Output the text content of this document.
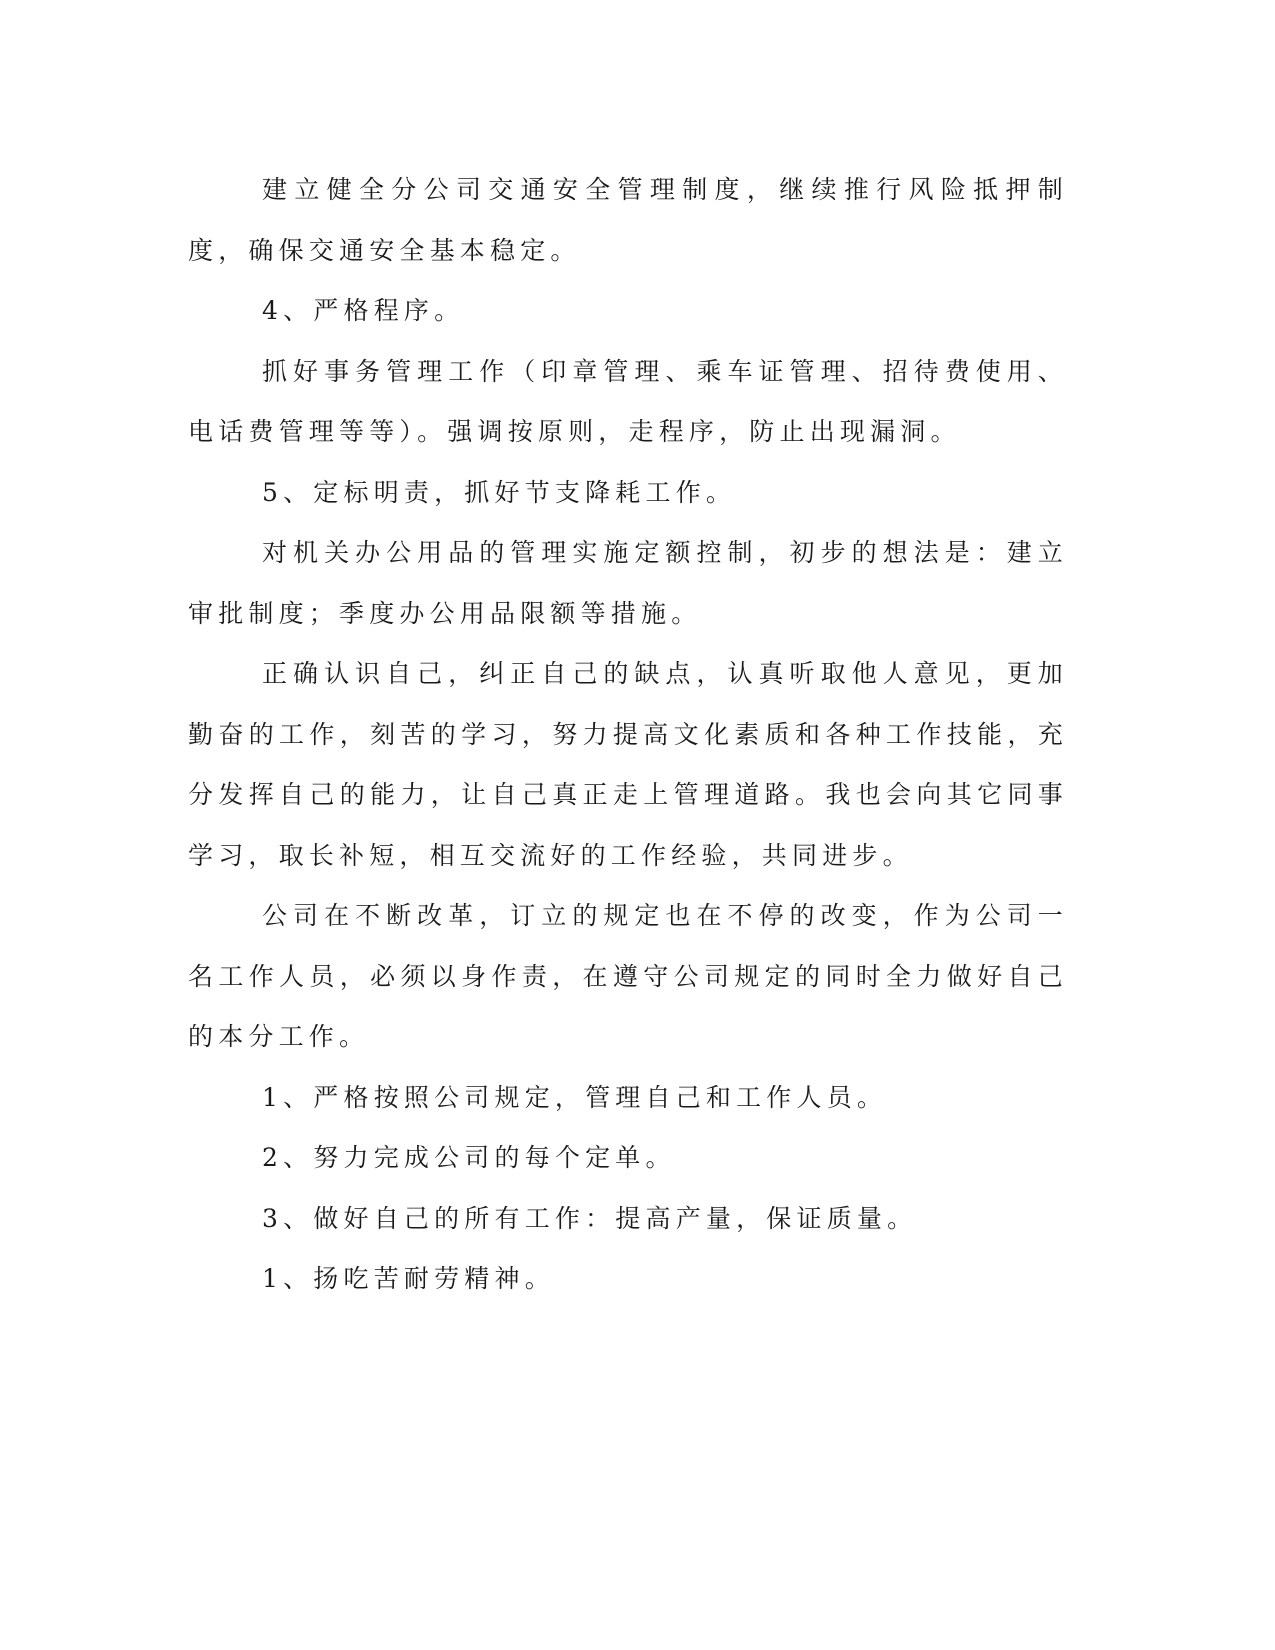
建立健全分公司交通安全管理制度，继续推行风险抵押制度，确保交通安全基本稳定。

4、严格程序。

抓好事务管理工作（印章管理、乘车证管理、招待费使用、电话费管理等等）。强调按原则，走程序，防止出现漏洞。

5、定标明责，抓好节支降耗工作。

对机关办公用品的管理实施定额控制，初步的想法是：建立审批制度；季度办公用品限额等措施。

正确认识自己，纠正自己的缺点，认真听取他人意见，更加勤奋的工作，刻苦的学习，努力提高文化素质和各种工作技能，充分发挥自己的能力，让自己真正走上管理道路。我也会向其它同事学习，取长补短，相互交流好的工作经验，共同进步。

公司在不断改革，订立的规定也在不停的改变，作为公司一名工作人员，必须以身作责，在遵守公司规定的同时全力做好自己的本分工作。

1、严格按照公司规定，管理自己和工作人员。

2、努力完成公司的每个定单。

3、做好自己的所有工作：提高产量，保证质量。

1、扬吃苦耐劳精神。
